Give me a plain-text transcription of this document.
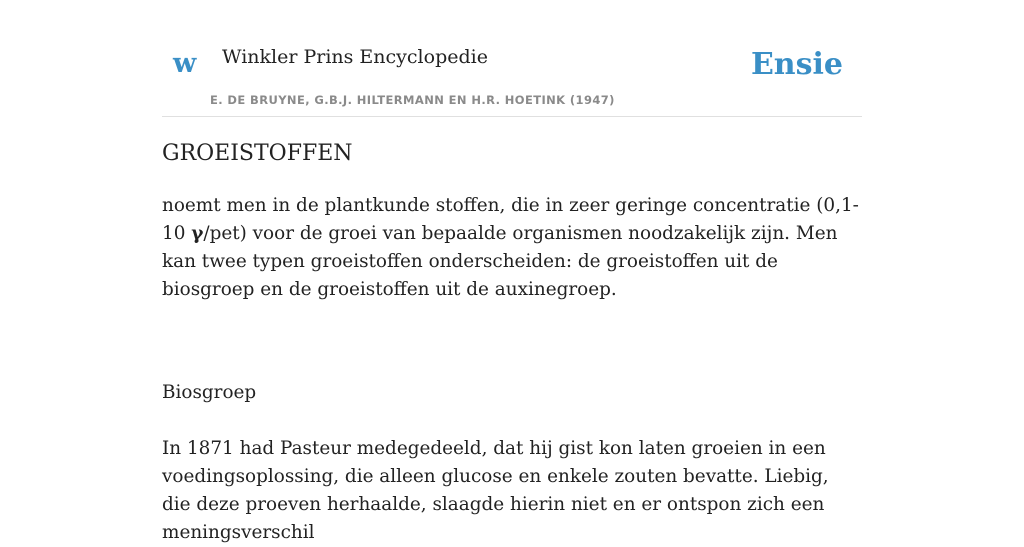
w Winkler Prins Encyclopedie
E. DE BRUYNE, G.B.J. HILTERMANN EN H.R. HOETINK (1947)
Ensie
GROEISTOFFEN

noemt men in de plantkunde stoffen, die in zeer geringe concentratie (0,1-10 γ/pet) voor de groei van bepaalde organismen noodzakelijk zijn. Men kan twee typen groeistoffen onderscheiden: de groeistoffen uit de biosgroep en de groeistoffen uit de auxinegroep.

Biosgroep

In 1871 had Pasteur medegedeeld, dat hij gist kon laten groeien in een voedingsoplossing, die alleen glucose en enkele zouten bevatte. Liebig, die deze proeven herhaalde, slaagde hierin niet en er ontspon zich een meningsverschil
